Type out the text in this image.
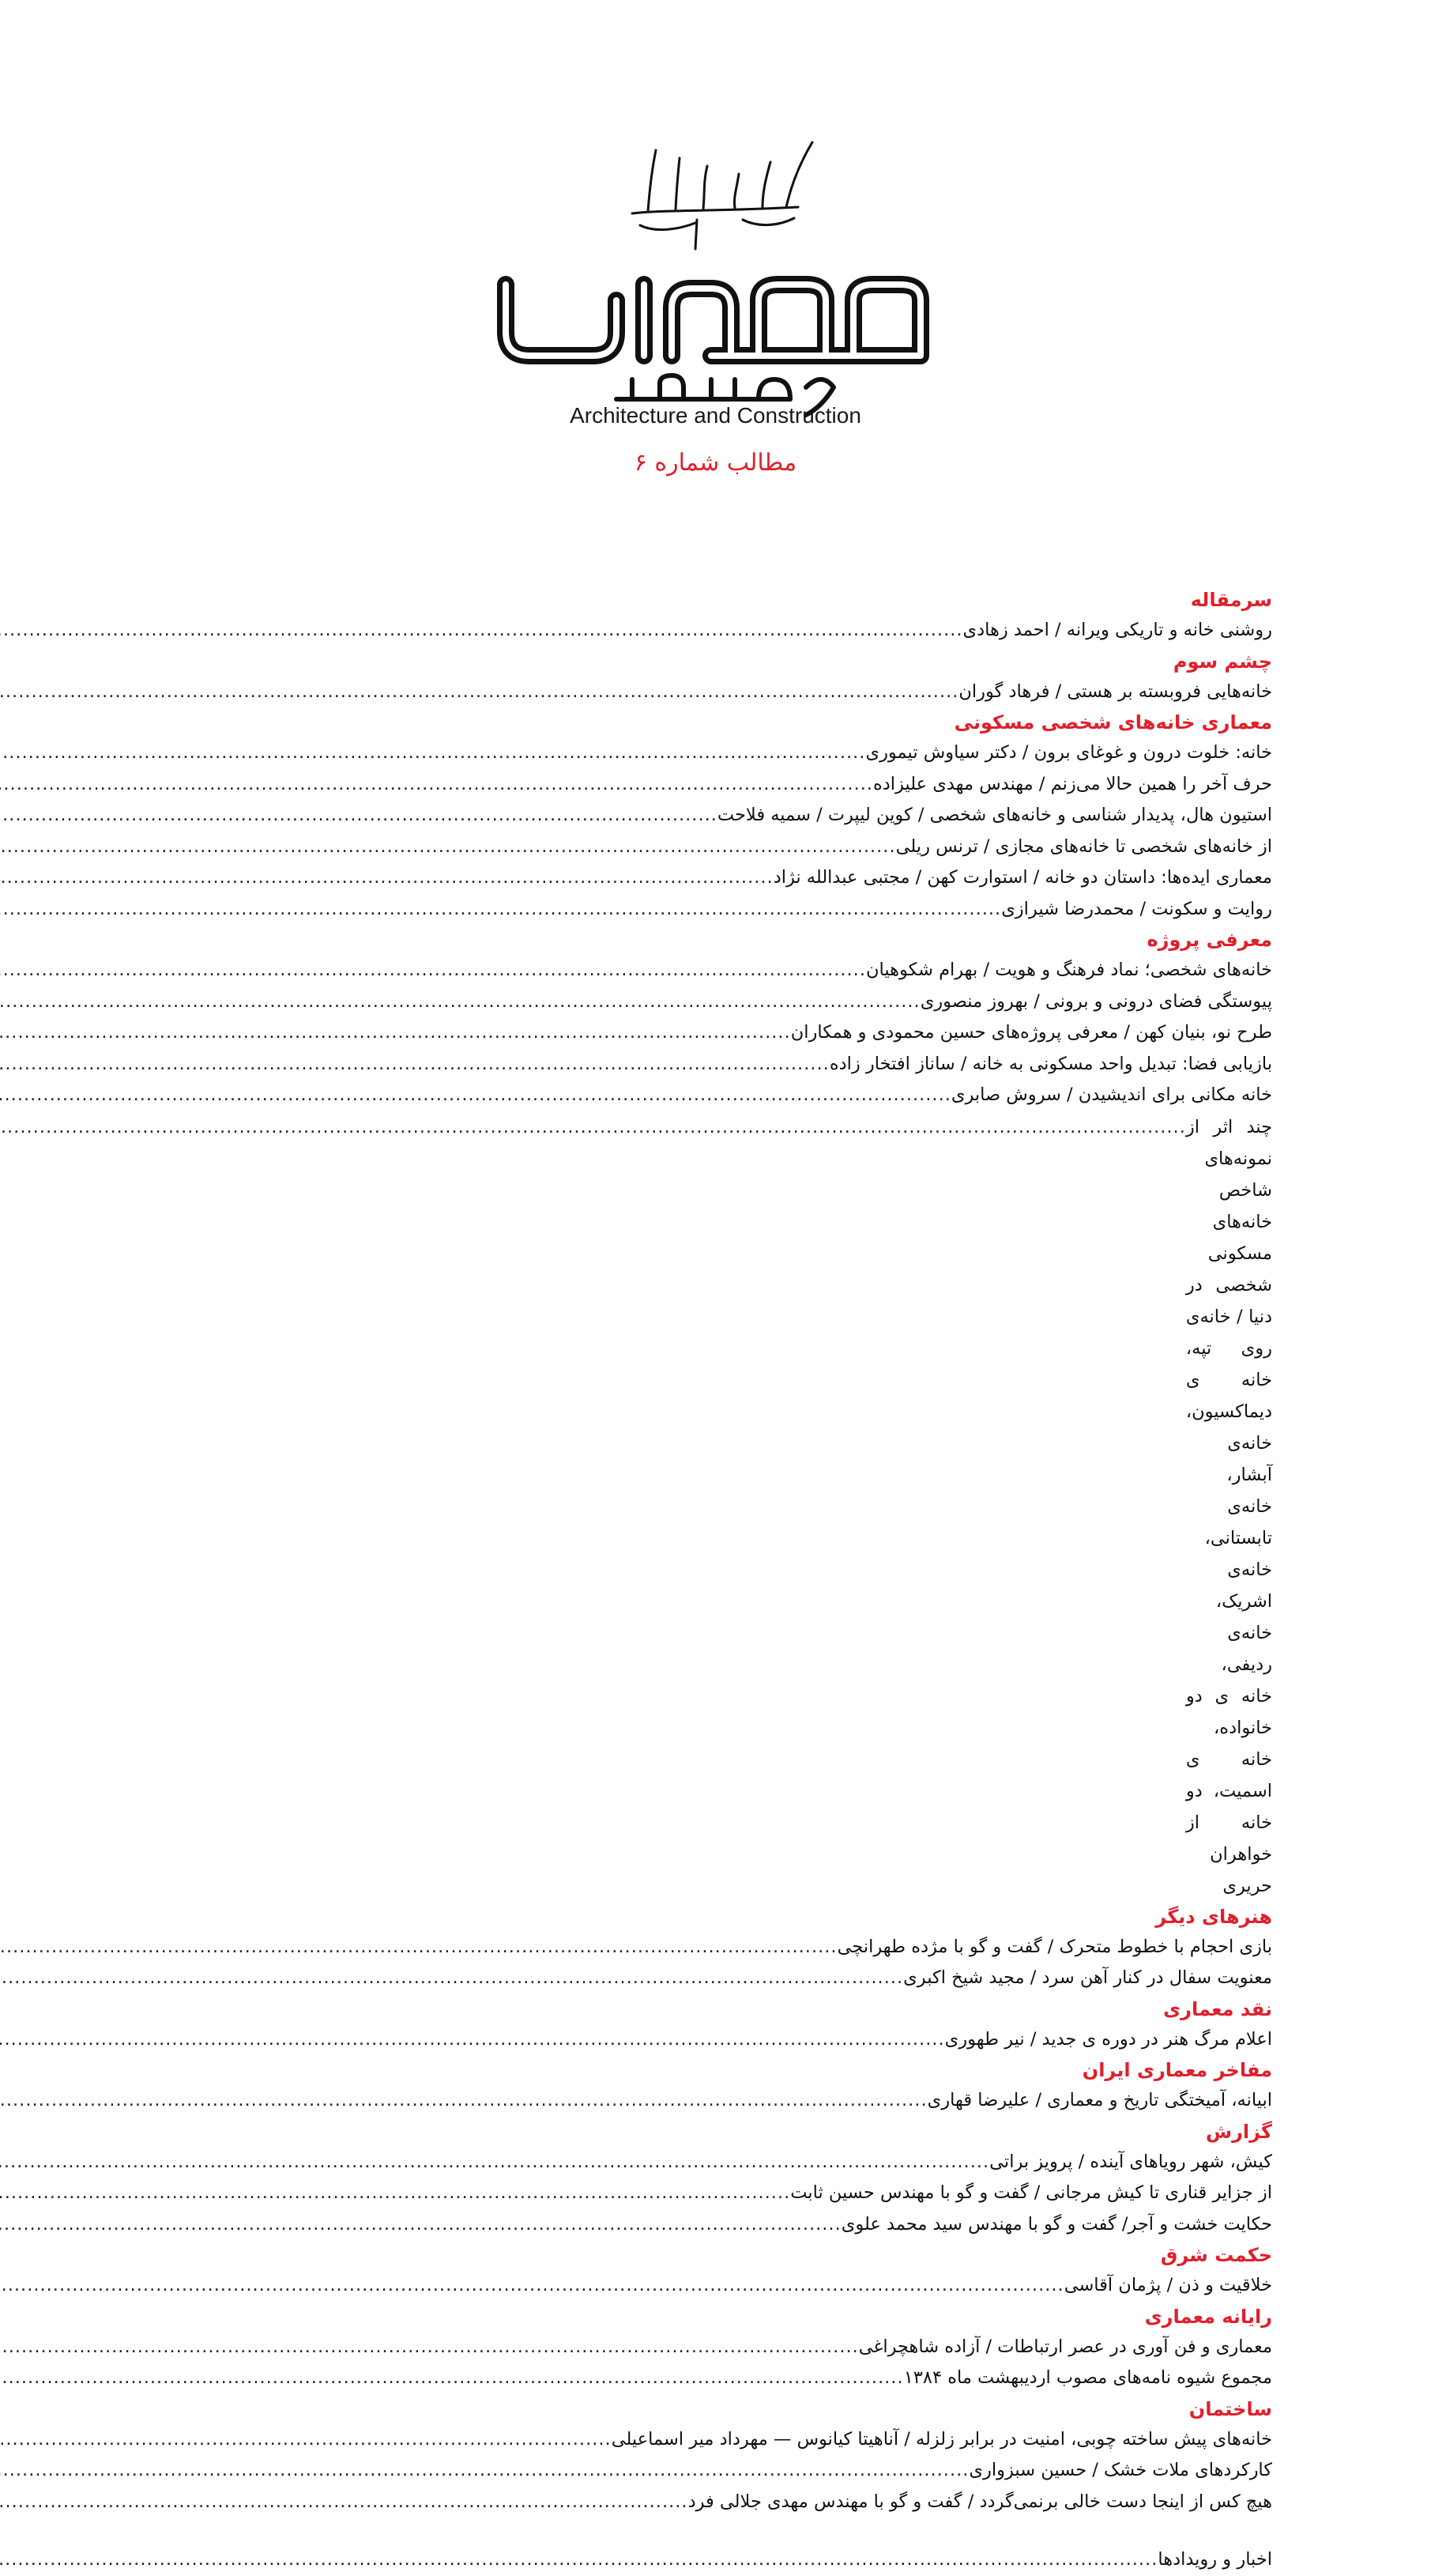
Architecture and Construction
مطالب شماره ۶
سرمقاله
روشنی خانه و تاریکی ویرانه / احمد زهادی
.....
چشم سوم
خانه‌هایی فروبسته بر هستی / فرهاد گوران
.....
معماری خانه‌های شخصی مسکونی
خانه: خلوت درون و غوغای برون / دکتر سیاوش تیموری
.....
حرف آخر را همین حالا می‌زنم / مهندس مهدی علیزاده
.....
استیون هال، پدیدار شناسی و خانه‌های شخصی / کوین لیپرت / سمیه فلاحت
.....
از خانه‌های شخصی تا خانه‌های مجازی / ترنس ریلی
.....
معماری ایده‌ها: داستان دو خانه / استوارت کهن / مجتبی عبدالله نژاد
.....
روایت و سکونت / محمدرضا شیرازی
.....
معرفی پروژه
خانه‌های شخصی؛ نماد فرهنگ و هویت / بهرام شکوهیان
.....
پیوستگی فضای درونی و برونی / بهروز منصوری
.....
طرح نو، بنیان کهن / معرفی پروژه‌های حسین محمودی و همکاران
.....
بازیابی فضا: تبدیل واحد مسکونی به خانه / ساناز افتخار زاده
.....
خانه مکانی برای اندیشیدن / سروش صابری
.....
چند اثر از نمونه‌های شاخص خانه‌های مسکونی شخصی در دنیا / خانه‌ی روی تپه، خانه ی دیماکسیون، خانه‌ی آبشار، خانه‌ی تابستانی، خانه‌ی اشریک، خانه‌ی ردیفی، خانه ی دو خانواده، خانه ی اسمیت، دو خانه از خواهران حریری
.....
هنرهای دیگر
بازی احجام با خطوط متحرک / گفت و گو با مژده طهرانچی
.....
معنویت سفال در کنار آهن سرد / مجید شیخ اکبری
.....
نقد معماری
اعلام مرگ هنر در دوره ی جدید / نیر طهوری
.....
مفاخر معماری ایران
ابیانه، آمیختگی تاریخ و معماری / علیرضا قهاری
.....
گزارش
کیش، شهر رویاهای آینده / پرویز براتی
.....
از جزایر قناری تا کیش مرجانی / گفت و گو با مهندس حسین ثابت
.....
حکایت خشت و آجر/ گفت و گو با مهندس سید محمد علوی
.....
حکمت شرق
خلاقیت و ذن / پژمان آقاسی
.....
رایانه معماری
معماری و فن آوری در عصر ارتباطات / آزاده شاهچراغی
.....
مجموع شیوه نامه‌های مصوب اردیبهشت ماه ۱۳۸۴
.....
ساختمان
خانه‌های پیش ساخته چوبی، امنیت در برابر زلزله / آناهیتا کیانوس — مهرداد میر اسماعیلی
.....
کارکردهای ملات خشک / حسین سبزواری
.....
هیچ کس از اینجا دست خالی برنمی‌گردد / گفت و گو با مهندس مهدی جلالی فرد
.....
اخبار و رویدادها
.....
